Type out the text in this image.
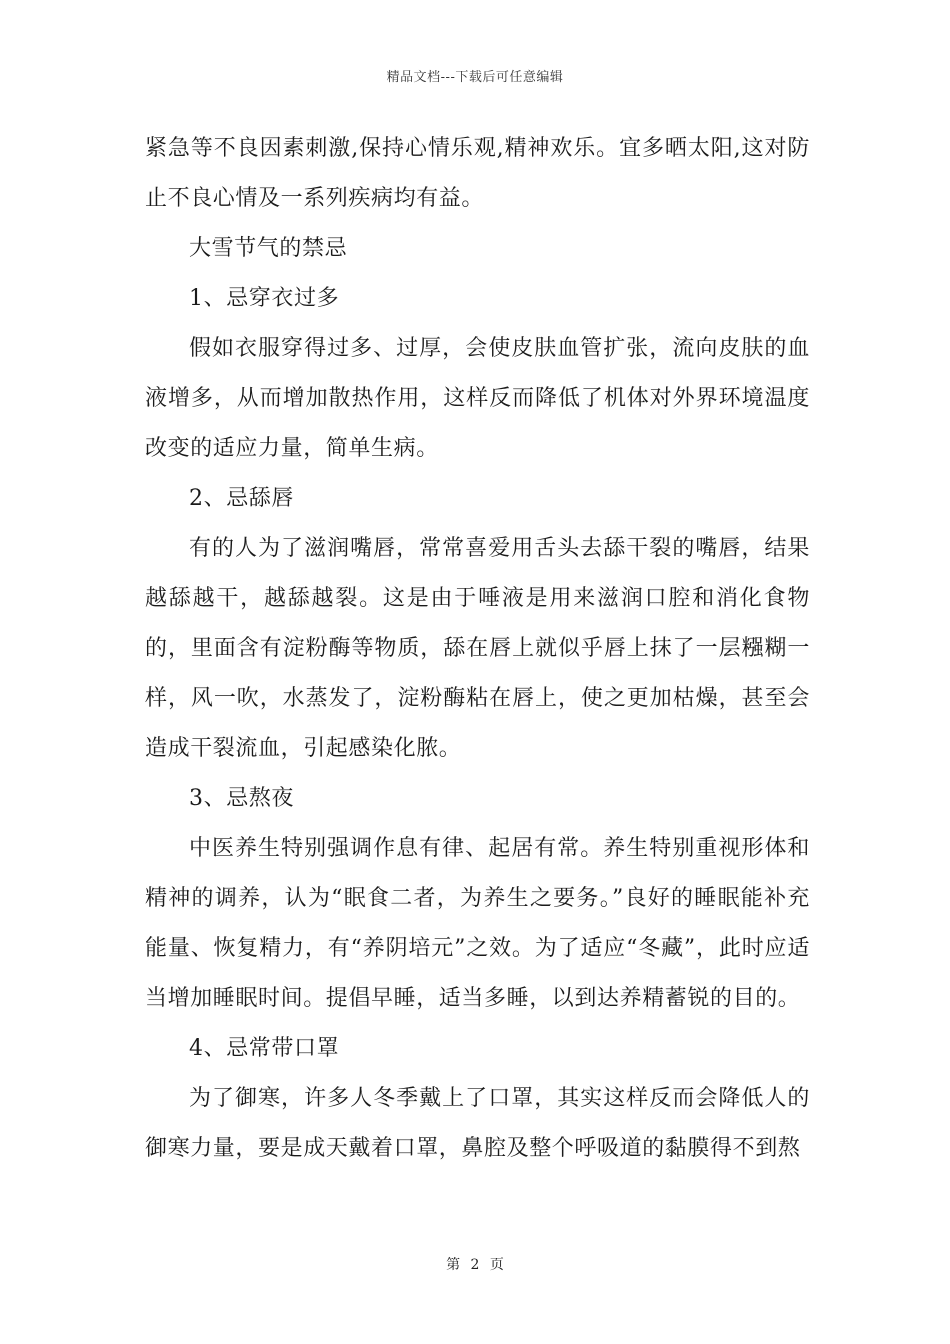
精品文档---下载后可任意编辑

紧急等不良因素刺激,保持心情乐观,精神欢乐。宜多晒太阳,这对防止不良心情及一系列疾病均有益。

大雪节气的禁忌

1、忌穿衣过多

假如衣服穿得过多、过厚，会使皮肤血管扩张，流向皮肤的血液增多，从而增加散热作用，这样反而降低了机体对外界环境温度改变的适应力量，简单生病。

2、忌舔唇

有的人为了滋润嘴唇，常常喜爱用舌头去舔干裂的嘴唇，结果越舔越干，越舔越裂。这是由于唾液是用来滋润口腔和消化食物的，里面含有淀粉酶等物质，舔在唇上就似乎唇上抹了一层糨糊一样，风一吹，水蒸发了，淀粉酶粘在唇上，使之更加枯燥，甚至会造成干裂流血，引起感染化脓。

3、忌熬夜

中医养生特别强调作息有律、起居有常。养生特别重视形体和精神的调养，认为“眠食二者，为养生之要务。”良好的睡眠能补充能量、恢复精力，有“养阴培元”之效。为了适应“冬藏”，此时应适当增加睡眠时间。提倡早睡，适当多睡，以到达养精蓄锐的目的。

4、忌常带口罩

为了御寒，许多人冬季戴上了口罩，其实这样反而会降低人的御寒力量，要是成天戴着口罩，鼻腔及整个呼吸道的黏膜得不到熬

第 2 页
